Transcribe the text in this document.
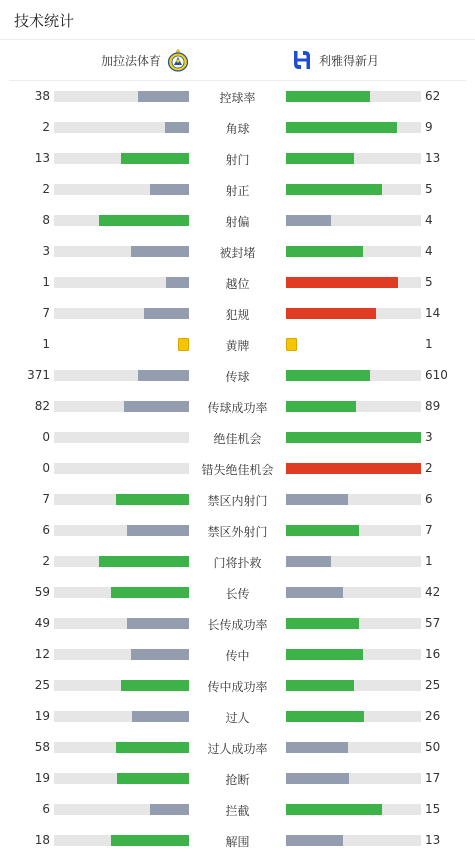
技术统计
加拉法体育	利雅得新月
38	控球率	62
2	角球	9
13	射门	13
2	射正	5
8	射偏	4
3	被封堵	4
1	越位	5
7	犯规	14
1	黄牌	1
371	传球	610
82	传球成功率	89
0	绝佳机会	3
0	错失绝佳机会	2
7	禁区内射门	6
6	禁区外射门	7
2	门将扑救	1
59	长传	42
49	长传成功率	57
12	传中	16
25	传中成功率	25
19	过人	26
58	过人成功率	50
19	抢断	17
6	拦截	15
18	解围	13
